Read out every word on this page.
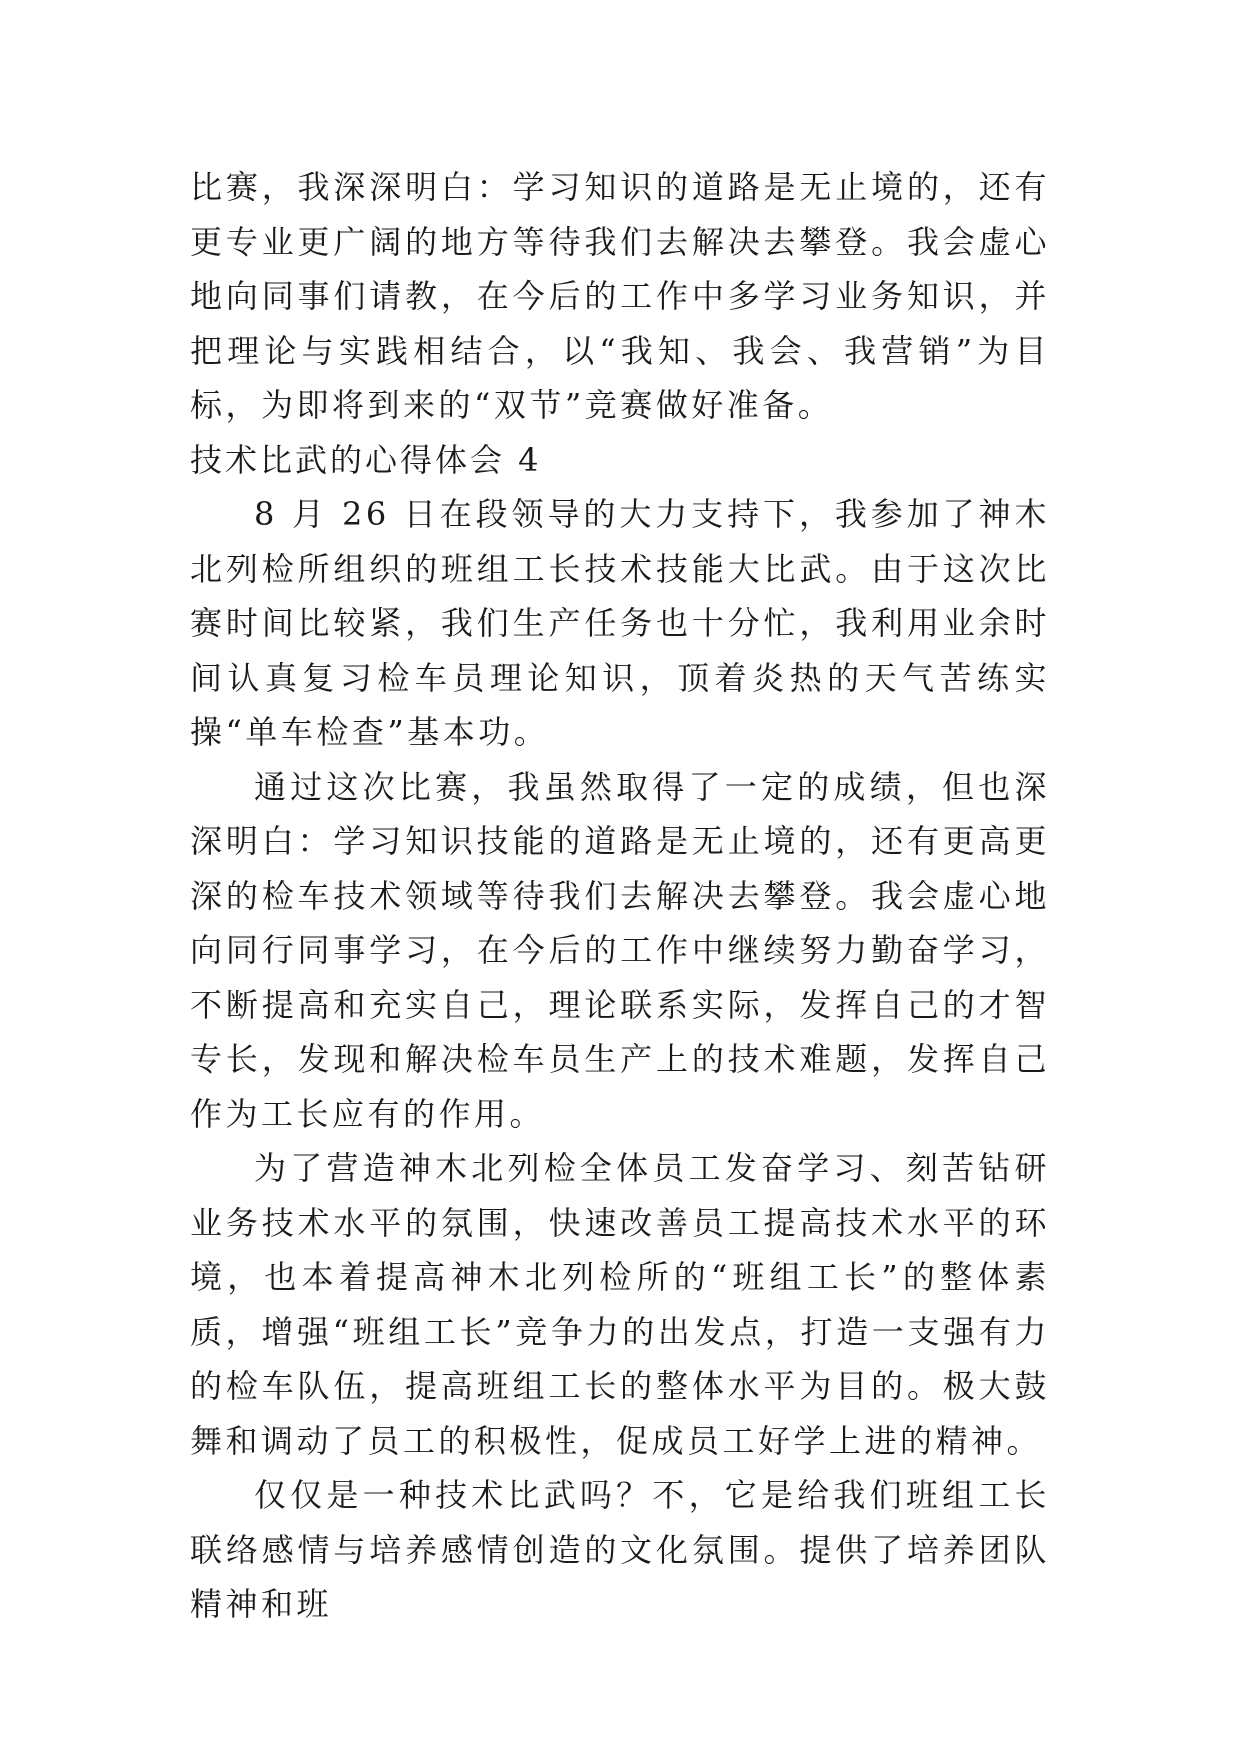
比赛，我深深明白：学习知识的道路是无止境的，还有更专业更广阔的地方等待我们去解决去攀登。我会虚心地向同事们请教，在今后的工作中多学习业务知识，并把理论与实践相结合，以“我知、我会、我营销”为目标，为即将到来的“双节”竞赛做好准备。

技术比武的心得体会 4

8 月 26 日在段领导的大力支持下，我参加了神木北列检所组织的班组工长技术技能大比武。由于这次比赛时间比较紧，我们生产任务也十分忙，我利用业余时间认真复习检车员理论知识，顶着炎热的天气苦练实操“单车检查”基本功。

通过这次比赛，我虽然取得了一定的成绩，但也深深明白：学习知识技能的道路是无止境的，还有更高更深的检车技术领域等待我们去解决去攀登。我会虚心地向同行同事学习，在今后的工作中继续努力勤奋学习，不断提高和充实自己，理论联系实际，发挥自己的才智专长，发现和解决检车员生产上的技术难题，发挥自己作为工长应有的作用。

为了营造神木北列检全体员工发奋学习、刻苦钻研业务技术水平的氛围，快速改善员工提高技术水平的环境，也本着提高神木北列检所的“班组工长”的整体素质，增强“班组工长”竞争力的出发点，打造一支强有力的检车队伍，提高班组工长的整体水平为目的。极大鼓舞和调动了员工的积极性，促成员工好学上进的精神。

仅仅是一种技术比武吗？不，它是给我们班组工长联络感情与培养感情创造的文化氛围。提供了培养团队精神和班
